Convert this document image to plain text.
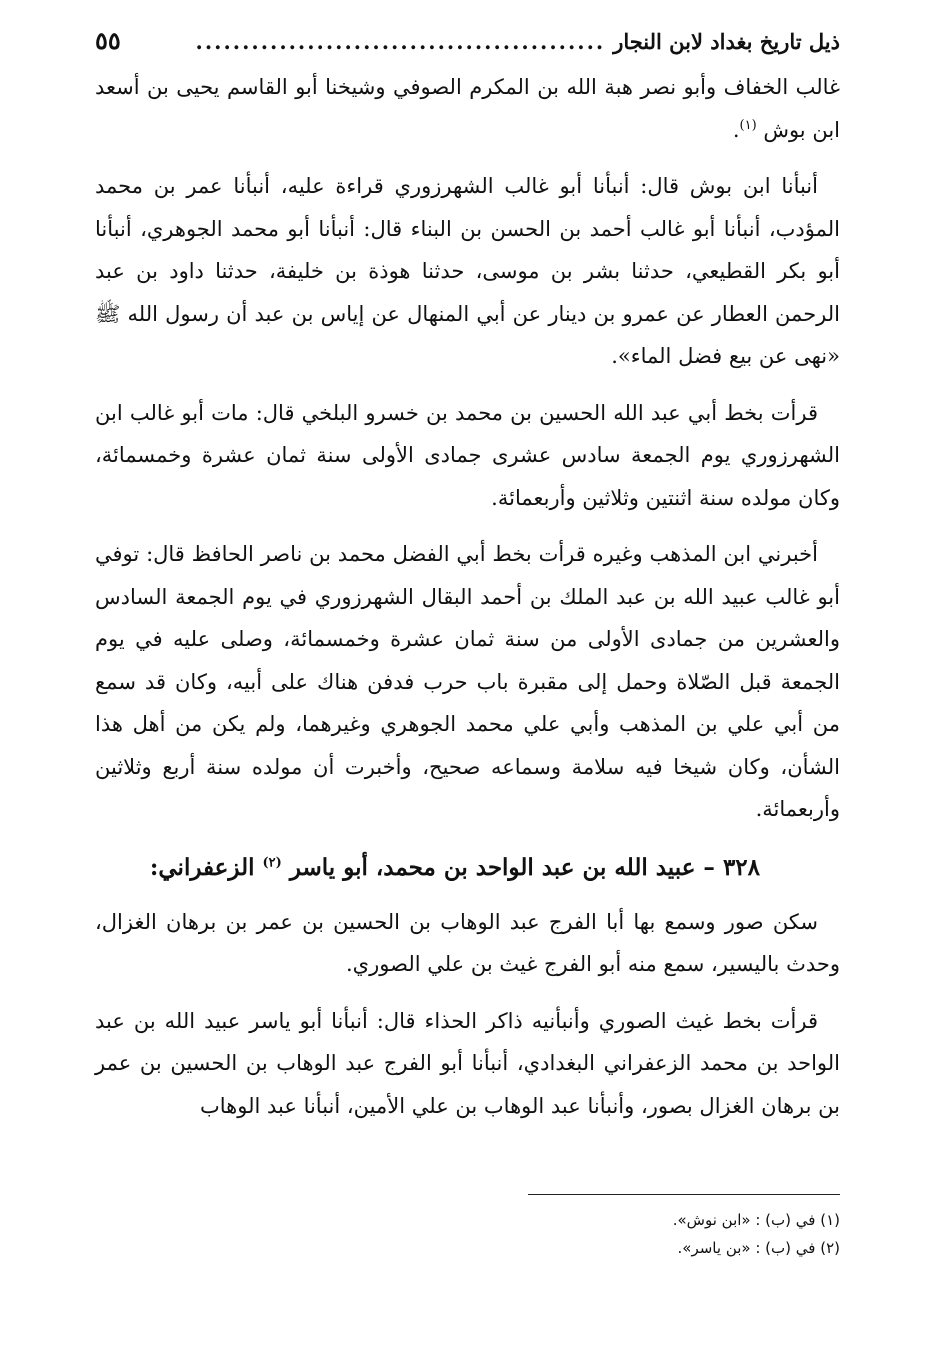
ذيل تاريخ بغداد لابن النجار
............................................
٥٥

غالب الخفاف وأبو نصر هبة الله بن المكرم الصوفي وشيخنا أبو القاسم يحيى بن أسعد ابن بوش $^{(١)}$.

أنبأنا ابن بوش قال: أنبأنا أبو غالب الشهرزوري قراءة عليه، أنبأنا عمر بن محمد المؤدب، أنبأنا أبو غالب أحمد بن الحسن بن البناء قال: أنبأنا أبو محمد الجوهري، أنبأنا أبو بكر القطيعي، حدثنا بشر بن موسى، حدثنا هوذة بن خليفة، حدثنا داود بن عبد الرحمن العطار عن عمرو بن دينار عن أبي المنهال عن إياس بن عبد أن رسول الله ﷺ «نهى عن بيع فضل الماء».

قرأت بخط أبي عبد الله الحسين بن محمد بن خسرو البلخي قال: مات أبو غالب ابن الشهرزوري يوم الجمعة سادس عشرى جمادى الأولى سنة ثمان عشرة وخمسمائة، وكان مولده سنة اثنتين وثلاثين وأربعمائة.

أخبرني ابن المذهب وغيره قرأت بخط أبي الفضل محمد بن ناصر الحافظ قال: توفي أبو غالب عبيد الله بن عبد الملك بن أحمد البقال الشهرزوري في يوم الجمعة السادس والعشرين من جمادى الأولى من سنة ثمان عشرة وخمسمائة، وصلى عليه في يوم الجمعة قبل الصّلاة وحمل إلى مقبرة باب حرب فدفن هناك على أبيه، وكان قد سمع من أبي علي بن المذهب وأبي علي محمد الجوهري وغيرهما، ولم يكن من أهل هذا الشأن، وكان شيخا فيه سلامة وسماعه صحيح، وأخبرت أن مولده سنة أربع وثلاثين وأربعمائة.

٣٢٨ – عبيد الله بن عبد الواحد بن محمد، أبو ياسر $^{(٢)}$ الزعفراني:

سكن صور وسمع بها أبا الفرج عبد الوهاب بن الحسين بن عمر بن برهان الغزال، وحدث باليسير، سمع منه أبو الفرج غيث بن علي الصوري.

قرأت بخط غيث الصوري وأنبأنيه ذاكر الحذاء قال: أنبأنا أبو ياسر عبيد الله بن عبد الواحد بن محمد الزعفراني البغدادي، أنبأنا أبو الفرج عبد الوهاب بن الحسين بن عمر بن برهان الغزال بصور، وأنبأنا عبد الوهاب بن علي الأمين، أنبأنا عبد الوهاب

(١) في (ب) : «ابن نوش».

(٢) في (ب) : «بن ياسر».
